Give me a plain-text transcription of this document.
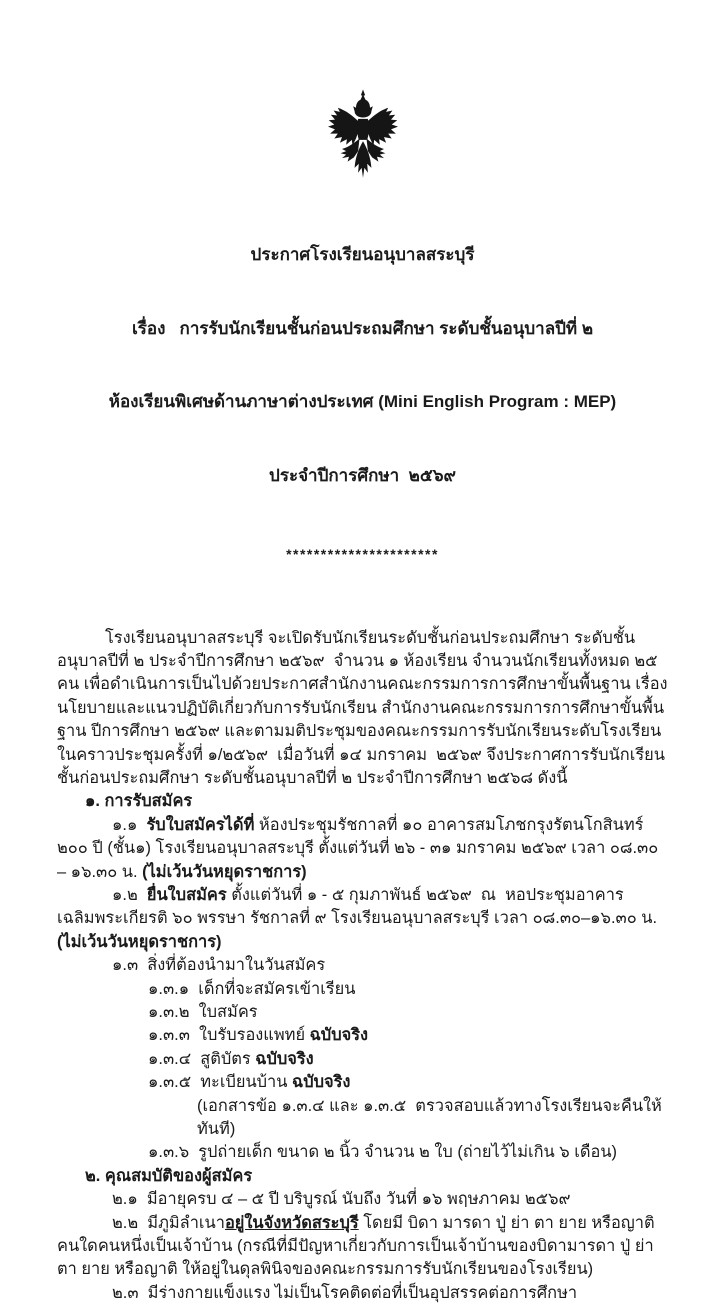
ประกาศโรงเรียนอนุบาลสระบุรี

เรื่อง   การรับนักเรียนชั้นก่อนประถมศึกษา ระดับชั้นอนุบาลปีที่ ๒

ห้องเรียนพิเศษด้านภาษาต่างประเทศ (Mini English Program : MEP)

ประจำปีการศึกษา  ๒๕๖๙

**********************

โรงเรียนอนุบาลสระบุรี จะเปิดรับนักเรียนระดับชั้นก่อนประถมศึกษา ระดับชั้นอนุบาลปีที่ ๒ ประจำปีการศึกษา ๒๕๖๙  จำนวน ๑ ห้องเรียน จำนวนนักเรียนทั้งหมด ๒๕ คน เพื่อดำเนินการเป็นไปด้วยประกาศสำนักงานคณะกรรมการการศึกษาขั้นพื้นฐาน เรื่อง นโยบายและแนวปฏิบัติเกี่ยวกับการรับนักเรียน สำนักงานคณะกรรมการการศึกษาขั้นพื้นฐาน ปีการศึกษา ๒๕๖๙ และตามมติประชุมของคณะกรรมการรับนักเรียนระดับโรงเรียน ในคราวประชุมครั้งที่ ๑/๒๕๖๙  เมื่อวันที่ ๑๔ มกราคม  ๒๕๖๙ จึงประกาศการรับนักเรียน ชั้นก่อนประถมศึกษา ระดับชั้นอนุบาลปีที่ ๒ ประจำปีการศึกษา ๒๕๖๘ ดังนี้

๑. การรับสมัคร

๑.๑  รับใบสมัครได้ที่ ห้องประชุมรัชกาลที่ ๑๐ อาคารสมโภชกรุงรัตนโกสินทร์ ๒๐๐ ปี (ชั้น๑) โรงเรียนอนุบาลสระบุรี ตั้งแต่วันที่ ๒๖ - ๓๑ มกราคม ๒๕๖๙ เวลา ๐๘.๓๐ – ๑๖.๓๐ น. (ไม่เว้นวันหยุดราชการ)

๑.๒  ยื่นใบสมัคร ตั้งแต่วันที่ ๑ - ๕ กุมภาพันธ์ ๒๕๖๙  ณ  หอประชุมอาคารเฉลิมพระเกียรติ ๖๐ พรรษา รัชกาลที่ ๙ โรงเรียนอนุบาลสระบุรี เวลา ๐๘.๓๐–๑๖.๓๐ น.  (ไม่เว้นวันหยุดราชการ)

๑.๓  สิ่งที่ต้องนำมาในวันสมัคร

๑.๓.๑  เด็กที่จะสมัครเข้าเรียน

๑.๓.๒  ใบสมัคร

๑.๓.๓  ใบรับรองแพทย์ ฉบับจริง

๑.๓.๔  สูติบัตร ฉบับจริง

๑.๓.๕  ทะเบียนบ้าน ฉบับจริง

(เอกสารข้อ ๑.๓.๔ และ ๑.๓.๕  ตรวจสอบแล้วทางโรงเรียนจะคืนให้ทันที)

๑.๓.๖  รูปถ่ายเด็ก ขนาด ๒ นิ้ว จำนวน ๒ ใบ (ถ่ายไว้ไม่เกิน ๖ เดือน)

๒. คุณสมบัติของผู้สมัคร

๒.๑  มีอายุครบ ๔ – ๕ ปี บริบูรณ์ นับถึง วันที่ ๑๖ พฤษภาคม ๒๕๖๙

๒.๒  มีภูมิลำเนาอยู่ในจังหวัดสระบุรี โดยมี บิดา มารดา ปู่ ย่า ตา ยาย หรือญาติ คนใดคนหนึ่งเป็นเจ้าบ้าน (กรณีที่มีปัญหาเกี่ยวกับการเป็นเจ้าบ้านของบิดามารดา ปู่ ย่า ตา ยาย หรือญาติ ให้อยู่ในดุลพินิจของคณะกรรมการรับนักเรียนของโรงเรียน)

๒.๓  มีร่างกายแข็งแรง ไม่เป็นโรคติดต่อที่เป็นอุปสรรคต่อการศึกษา
